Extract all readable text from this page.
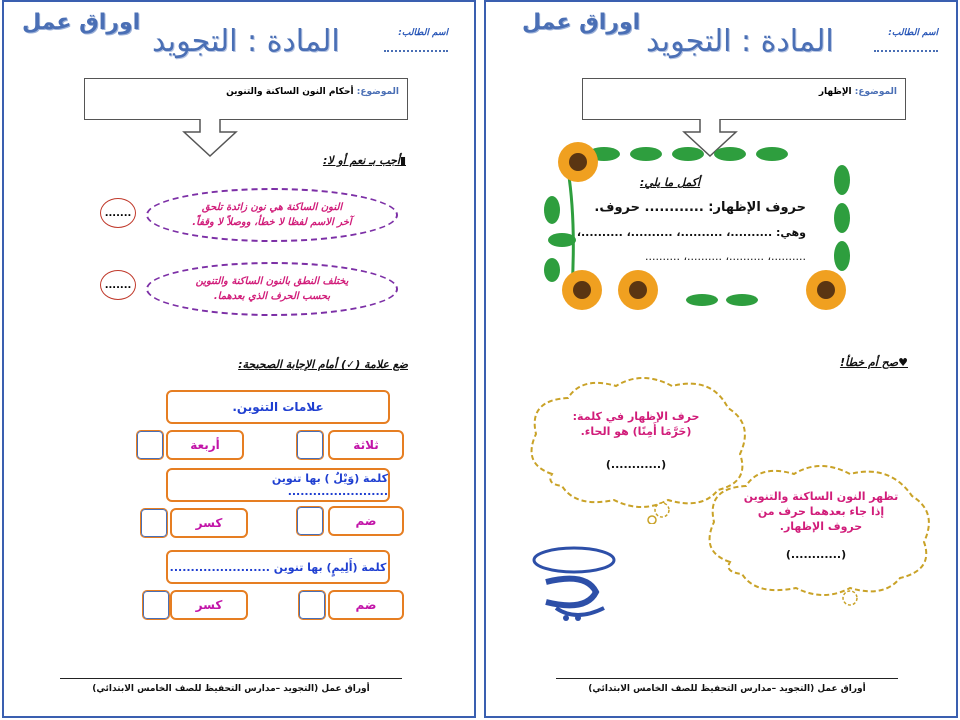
اوراق عمل
المادة : التجويد	اسم الطالب:
الموضوع: أحكام النون الساكنة والتنوين
▮أجب بـ نعم أو لا:
النون الساكنة هي نون زائدة تلحق
آخر الاسم لفظا لا خطأ، ووصلاً لا وقفاً.
.......
يختلف النطق بالنون الساكنة والتنوين
بحسب الحرف الذي بعدهما.
.......
ضع علامة (✓) أمام الإجابة الصحيحة:
علامات التنوين.
ثلاثة
أربعة
كلمة (وَيْلٌ ) بها تنوين ........................
ضم
كسر
كلمة (أَلِيمٍ) بها تنوين ........................
ضم
كسر
أوراق عمل (التجويد –مدارس التحفيظ للصف الخامس الابتدائي)
اوراق عمل
المادة : التجويد	اسم الطالب:
الموضوع: الإظهار
أكمل ما يلي:
حروف الإظهار: ............ حروف.
وهي: ..........، ..........، ..........، ..........،
..........، ..........، ..........، ..........
♥صح أم خطأ!
حرف الإظهار في كلمة:
(حَرَّمَا أَمِنًا) هو الحاء.
(............)
تظهر النون الساكنة والتنوين
إذا جاء بعدهما حرف من
حروف الإظهار.
(............)
أوراق عمل (التجويد –مدارس التحفيظ للصف الخامس الابتدائي)
